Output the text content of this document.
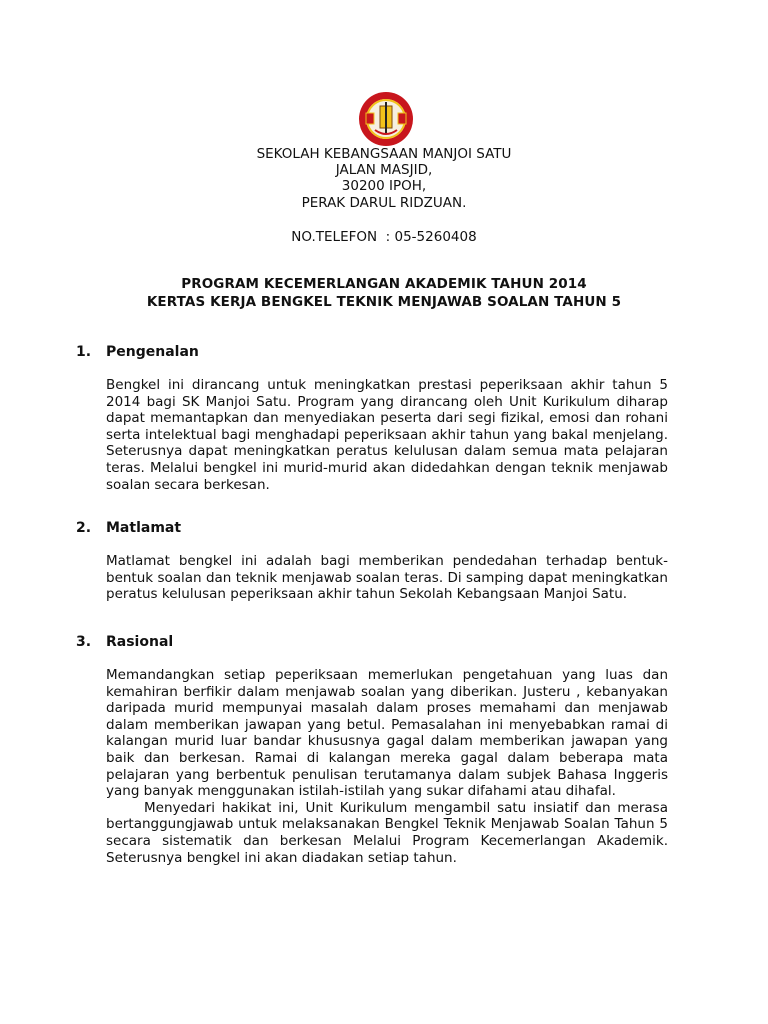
SEKOLAH KEBANGSAAN MANJOI SATU
JALAN MASJID,
30200 IPOH,
PERAK DARUL RIDZUAN.
NO.TELEFON  : 05-5260408
PROGRAM KECEMERLANGAN AKADEMIK TAHUN 2014
KERTAS KERJA BENGKEL TEKNIK MENJAWAB SOALAN TAHUN 5
1.	Pengenalan

Bengkel ini dirancang untuk meningkatkan prestasi peperiksaan akhir tahun 5 2014 bagi SK Manjoi Satu. Program yang dirancang oleh Unit Kurikulum diharap dapat memantapkan dan menyediakan peserta dari segi fizikal, emosi dan rohani serta intelektual bagi menghadapi peperiksaan akhir tahun yang bakal menjelang. Seterusnya dapat meningkatkan peratus kelulusan dalam semua mata pelajaran teras. Melalui bengkel ini murid-murid akan didedahkan dengan teknik menjawab soalan secara berkesan.

2.	Matlamat

Matlamat bengkel ini adalah bagi memberikan pendedahan terhadap bentuk-bentuk soalan dan teknik menjawab soalan teras. Di samping dapat meningkatkan peratus kelulusan peperiksaan akhir tahun Sekolah Kebangsaan Manjoi Satu.

3.	Rasional

Memandangkan setiap peperiksaan memerlukan pengetahuan yang luas dan kemahiran berfikir dalam menjawab soalan yang diberikan. Justeru , kebanyakan daripada murid mempunyai masalah dalam proses memahami dan menjawab dalam memberikan jawapan yang betul. Pemasalahan ini menyebabkan ramai di kalangan murid luar bandar khususnya gagal dalam memberikan jawapan yang baik dan berkesan. Ramai di kalangan mereka gagal dalam beberapa mata pelajaran yang berbentuk penulisan terutamanya dalam subjek Bahasa Inggeris yang banyak menggunakan istilah-istilah yang sukar difahami atau dihafal.

Menyedari hakikat ini, Unit Kurikulum mengambil satu insiatif dan merasa bertanggungjawab untuk melaksanakan Bengkel Teknik Menjawab Soalan Tahun 5 secara sistematik dan berkesan Melalui Program Kecemerlangan Akademik. Seterusnya bengkel ini akan diadakan setiap tahun.
